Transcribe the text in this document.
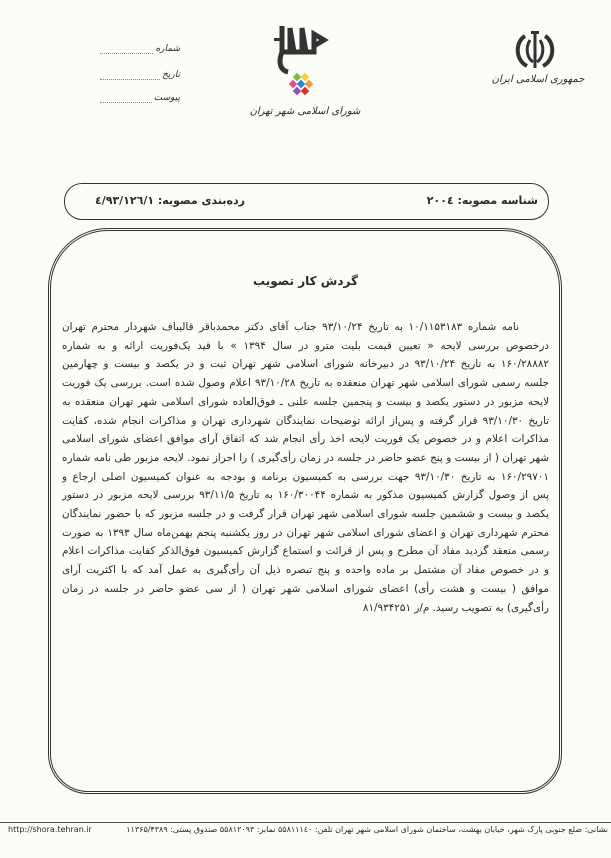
جمهوری اسلامی ایران
شورای اسلامی شهر تهران
شماره
تاریخ
پیوست
شناسه مصوبه: ۲۰۰٤
رده‌بندی مصوبه: ٤/۹۳/۱۲٦/۱
گردش کار تصویب
نامه شماره ۱۰/۱۱۵۳۱۸۳ به تاریخ ۹۳/۱۰/۲۴ جناب آقای دکتر محمدباقر قالیباف شهردار محترم تهران
درخصوص بررسی لایحه « تعیین قیمت بلیت مترو در سال ۱۳۹۴ » با قید یک‌فوریت ارائه و به شماره
۱۶۰/۲۸۸۸۲ به تاریخ ۹۳/۱۰/۲۴ در دبیرخانه شورای اسلامی شهر تهران ثبت و در یکصد و بیست و چهارمین
جلسه رسمی شورای اسلامی شهر تهران منعقده به تاریخ ۹۳/۱۰/۲۸ اعلام وصول شده است. بررسی یک فوریت
لایحه مزبور در دستور یکصد و بیست و پنجمین جلسه علنی ـ فوق‌العاده شورای اسلامی شهر تهران منعقده به
تاریخ ۹۳/۱۰/۳۰ قرار گرفته و پس‌از ارائه توضیحات نمایندگان شهرداری تهران و مذاکرات انجام شده، کفایت
مذاکرات اعلام و در خصوص یک فوریت لایحه اخذ رأی انجام شد که اتفاق آرای موافق اعضای شورای اسلامی
شهر تهران ( از بیست و پنج عضو حاضر در جلسه در زمان رأی‌گیری ) را احراز نمود. لایحه مزبور طی نامه شماره
۱۶۰/۲۹۷۰۱ به تاریخ ۹۳/۱۰/۳۰ جهت بررسی به کمیسیون برنامه و بودجه به عنوان کمیسیون اصلی ارجاع و
پس از وصول گزارش کمیسیون مذکور به شماره ۱۶۰/۳۰۰۴۴ به تاریخ ۹۳/۱۱/۵ بررسی لایحه مزبور در دستور
یکصد و بیست و ششمین جلسه شورای اسلامی شهر تهران قرار گرفت و در جلسه مزبور که با حضور نمایندگان
محترم شهرداری تهران و اعضای شورای اسلامی شهر تهران در روز یکشنبه پنجم بهمن‌ماه سال ۱۳۹۳ به صورت
رسمی منعقد گردید مفاد آن مطرح و پس از قرائت و استماع گزارش کمیسیون فوق‌الذکر کفایت مذاکرات اعلام
و در خصوص مفاد آن مشتمل بر ماده واحده و پنج تبصره ذیل آن رأی‌گیری به عمل آمد که با اکثریت آرای
موافق ( بیست و هشت رأی) اعضای شورای اسلامی شهر تهران ( از سی عضو حاضر در جلسه در زمان
رأی‌گیری) به تصویب رسید. م/ر ۸۱/۹۳۴۲۵۱
http://shora.tehran.ir	نشانی: ضلع جنوبی پارک شهر، خیابان بهشت، ساختمان شورای اسلامی شهر تهران تلفن: ۵۵۸۱۱۱٤۰ نمابر: ۵۵۸۱۲۰۹۳ صندوق پستی: ۱۱۳۶۵/۴۳۸۹
